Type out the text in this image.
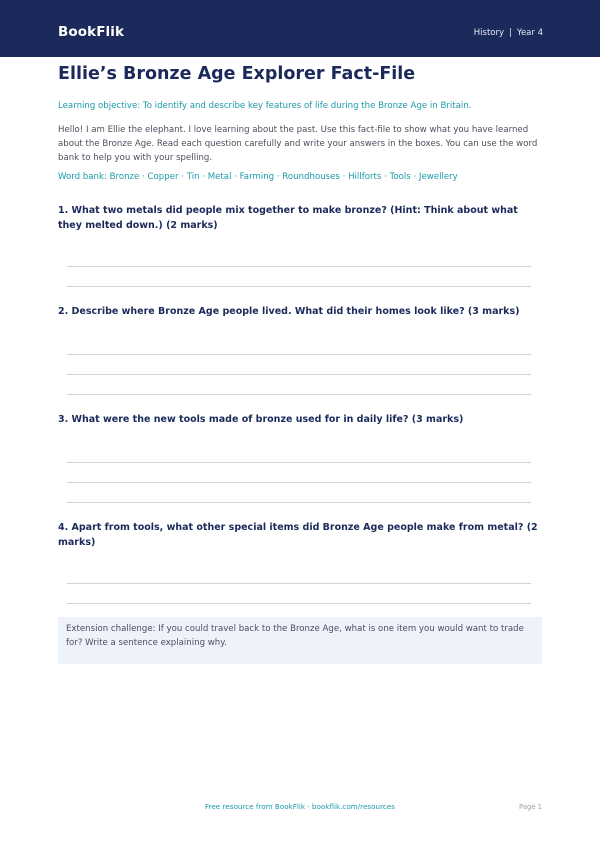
BookFlik	History | Year 4
Ellie’s Bronze Age Explorer Fact-File

Learning objective: To identify and describe key features of life during the Bronze Age in Britain.

Hello! I am Ellie the elephant. I love learning about the past. Use this fact-file to show what you have learned about the Bronze Age. Read each question carefully and write your answers in the boxes. You can use the word bank to help you with your spelling.

Word bank: Bronze · Copper · Tin · Metal · Farming · Roundhouses · Hillforts · Tools · Jewellery

1. What two metals did people mix together to make bronze? (Hint: Think about what they melted down.) (2 marks)
2. Describe where Bronze Age people lived. What did their homes look like? (3 marks)
3. What were the new tools made of bronze used for in daily life? (3 marks)
4. Apart from tools, what other special items did Bronze Age people make from metal? (2 marks)
Extension challenge: If you could travel back to the Bronze Age, what is one item you would want to trade for? Write a sentence explaining why.
Free resource from BookFlik · bookflik.com/resources	Page 1
